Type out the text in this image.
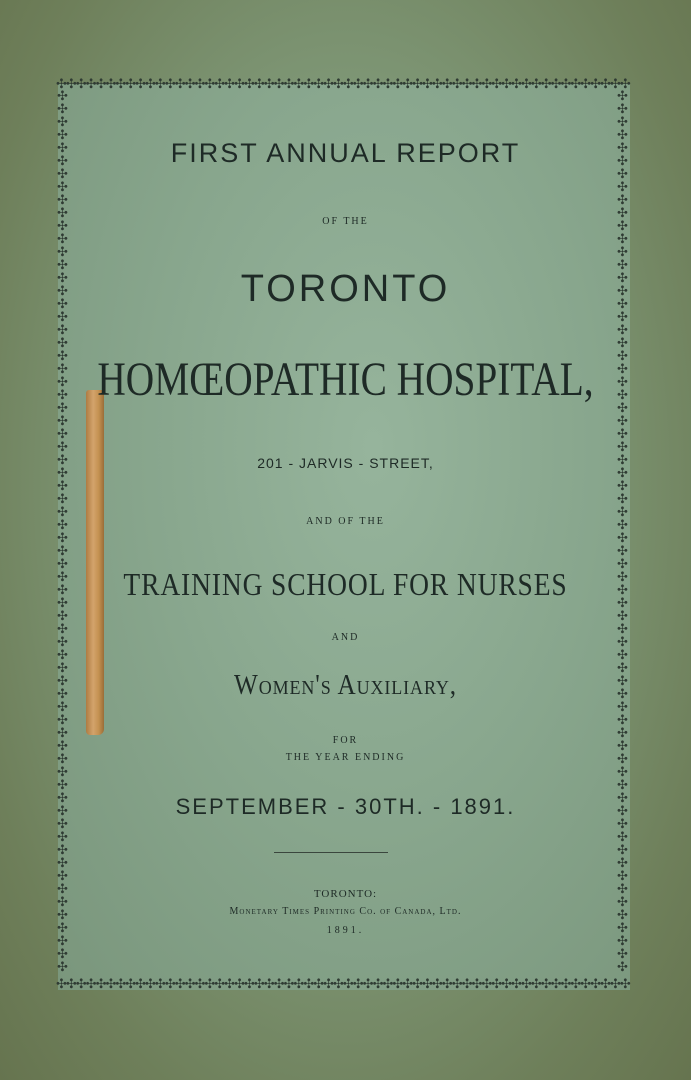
✣✣✣✣✣✣✣✣✣✣✣✣✣✣✣✣✣✣✣✣✣✣✣✣✣✣✣✣✣✣✣✣✣✣✣✣✣✣✣✣✣✣✣✣✣✣✣✣✣✣✣✣✣✣✣✣✣✣
✣✣✣✣✣✣✣✣✣✣✣✣✣✣✣✣✣✣✣✣✣✣✣✣✣✣✣✣✣✣✣✣✣✣✣✣✣✣✣✣✣✣✣✣✣✣✣✣✣✣✣✣✣✣✣✣✣✣
✣✣✣✣✣✣✣✣✣✣✣✣✣✣✣✣✣✣✣✣✣✣✣✣✣✣✣✣✣✣✣✣✣✣✣✣✣✣✣✣✣✣✣✣✣✣✣✣✣✣✣✣✣✣✣✣✣✣✣✣✣✣✣✣✣✣✣✣
✣✣✣✣✣✣✣✣✣✣✣✣✣✣✣✣✣✣✣✣✣✣✣✣✣✣✣✣✣✣✣✣✣✣✣✣✣✣✣✣✣✣✣✣✣✣✣✣✣✣✣✣✣✣✣✣✣✣✣✣✣✣✣✣✣✣✣✣
FIRST ANNUAL REPORT
OF THE
TORONTO
HOMŒOPATHIC HOSPITAL,
201 - JARVIS - STREET,
AND OF THE
TRAINING SCHOOL FOR NURSES
AND
Women's Auxiliary,
FOR
THE YEAR ENDING
SEPTEMBER - 30TH. - 1891.
TORONTO:
Monetary Times Printing Co. of Canada, Ltd.
1891.
